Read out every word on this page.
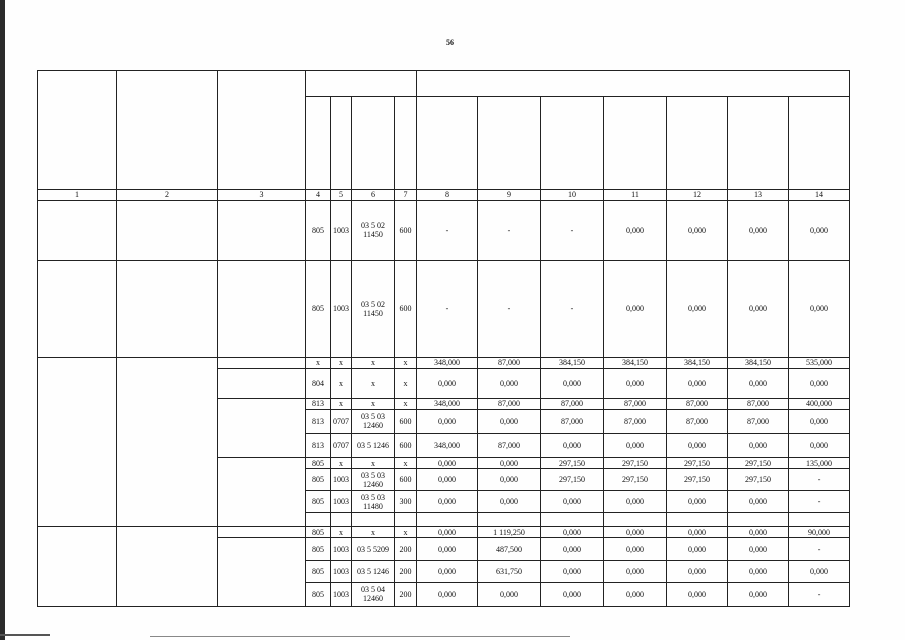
56

1	2	3	4	5	6	7	8	9	10	11	12	13	14
			805	1003	03 5 02 11450	600	-	-	-	0,000	0,000	0,000	0,000
			805	1003	03 5 02 11450	600	-	-	-	0,000	0,000	0,000	0,000
			x	x	x	x	348,000	87,000	384,150	384,150	384,150	384,150	535,000
			804	x	x	x	0,000	0,000	0,000	0,000	0,000	0,000	0,000
			813	x	x	x	348,000	87,000	87,000	87,000	87,000	87,000	400,000
			813	0707	03 5 03 12460	600	0,000	0,000	87,000	87,000	87,000	87,000	0,000
			813	0707	03 5 1246	600	348,000	87,000	0,000	0,000	0,000	0,000	0,000
			805	x	x	x	0,000	0,000	297,150	297,150	297,150	297,150	135,000
			805	1003	03 5 03 12460	600	0,000	0,000	297,150	297,150	297,150	297,150	-
			805	1003	03 5 03 11480	300	0,000	0,000	0,000	0,000	0,000	0,000	-

			805	x	x	x	0,000	1 119,250	0,000	0,000	0,000	0,000	90,000
			805	1003	03 5 5209	200	0,000	487,500	0,000	0,000	0,000	0,000	-
			805	1003	03 5 1246	200	0,000	631,750	0,000	0,000	0,000	0,000	0,000
			805	1003	03 5 04 12460	200	0,000	0,000	0,000	0,000	0,000	0,000	-
